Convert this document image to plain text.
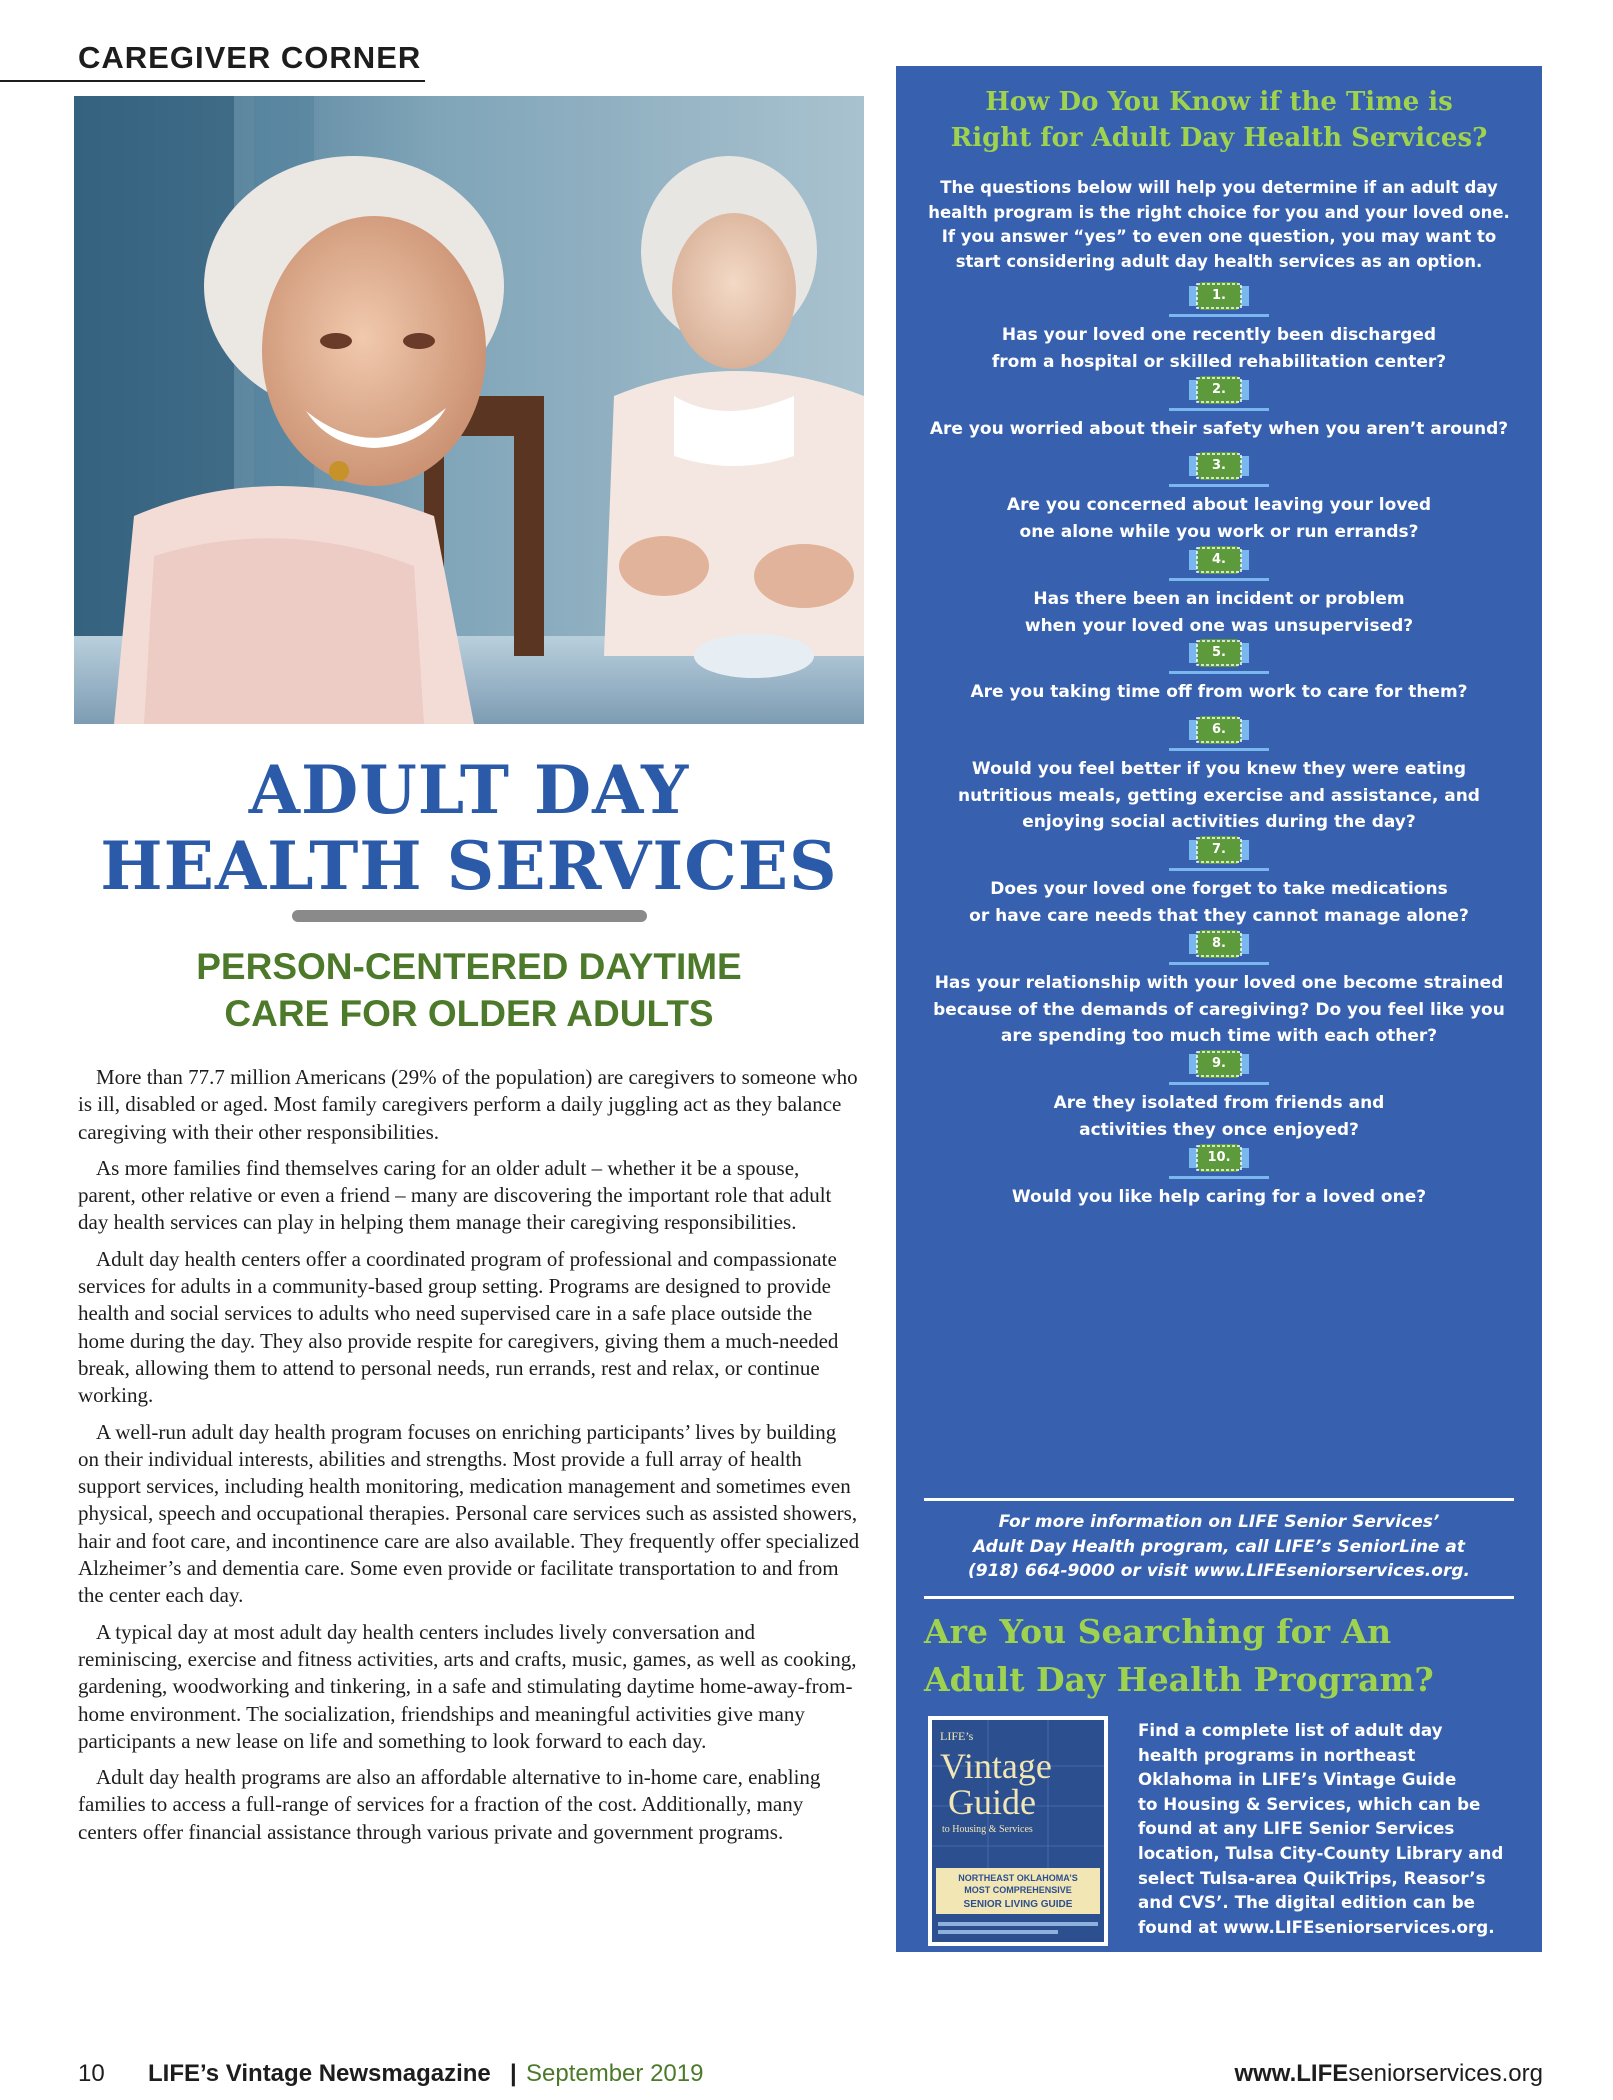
CAREGIVER CORNER
ADULT DAY
HEALTH SERVICES
PERSON-CENTERED DAYTIME
CARE FOR OLDER ADULTS

More than 77.7 million Americans (29% of the population) are caregivers to someone who is ill, disabled or aged. Most family caregivers perform a daily juggling act as they balance caregiving with their other responsibilities.

As more families find themselves caring for an older adult – whether it be a spouse, parent, other relative or even a friend – many are discovering the important role that adult day health services can play in helping them manage their caregiving responsibilities.

Adult day health centers offer a coordinated program of professional and compassionate services for adults in a community-based group setting. Programs are designed to provide health and social services to adults who need supervised care in a safe place outside the home during the day. They also provide respite for caregivers, giving them a much-needed break, allowing them to attend to personal needs, run errands, rest and relax, or continue working.

A well-run adult day health program focuses on enriching participants’ lives by building on their individual interests, abilities and strengths. Most provide a full array of health support services, including health monitoring, medication management and sometimes even physical, speech and occupational therapies. Personal care services such as assisted showers, hair and foot care, and incontinence care are also available. They frequently offer specialized Alzheimer’s and dementia care. Some even provide or facilitate transportation to and from the center each day.

A typical day at most adult day health centers includes lively conversation and reminiscing, exercise and fitness activities, arts and crafts, music, games, as well as cooking, gardening, woodworking and tinkering, in a safe and stimulating daytime home-away-from-home environment. The socialization, friendships and meaningful activities give many participants a new lease on life and something to look forward to each day.

Adult day health programs are also an affordable alternative to in-home care, enabling families to access a full-range of services for a fraction of the cost. Additionally, many centers offer financial assistance through various private and government programs.

How Do You Know if the Time is
Right for Adult Day Health Services?
The questions below will help you determine if an adult day
health program is the right choice for you and your loved one.
If you answer “yes” to even one question, you may want to
start considering adult day health services as an option.
1.
Has your loved one recently been discharged
from a hospital or skilled rehabilitation center?
2.
Are you worried about their safety when you aren’t around?
3.
Are you concerned about leaving your loved
one alone while you work or run errands?
4.
Has there been an incident or problem
when your loved one was unsupervised?
5.
Are you taking time off from work to care for them?
6.
Would you feel better if you knew they were eating
nutritious meals, getting exercise and assistance, and
enjoying social activities during the day?
7.
Does your loved one forget to take medications
or have care needs that they cannot manage alone?
8.
Has your relationship with your loved one become strained
because of the demands of caregiving? Do you feel like you
are spending too much time with each other?
9.
Are they isolated from friends and
activities they once enjoyed?
10.
Would you like help caring for a loved one?
For more information on LIFE Senior Services’
Adult Day Health program, call LIFE’s SeniorLine at
(918) 664-9000 or visit www.LIFEseniorservices.org.
Are You Searching for An
Adult Day Health Program?
LIFE’s
Vintage
Guide
to Housing & Services
NORTHEAST OKLAHOMA’S
MOST COMPREHENSIVE
SENIOR LIVING GUIDE
Find a complete list of adult day
health programs in northeast
Oklahoma in LIFE’s Vintage Guide
to Housing & Services, which can be
found at any LIFE Senior Services
location, Tulsa City-County Library and
select Tulsa-area QuikTrips, Reasor’s
and CVS’. The digital edition can be
found at www.LIFEseniorservices.org.
10 LIFE’s Vintage Newsmagazine | September 2019	www.LIFEseniorservices.org
